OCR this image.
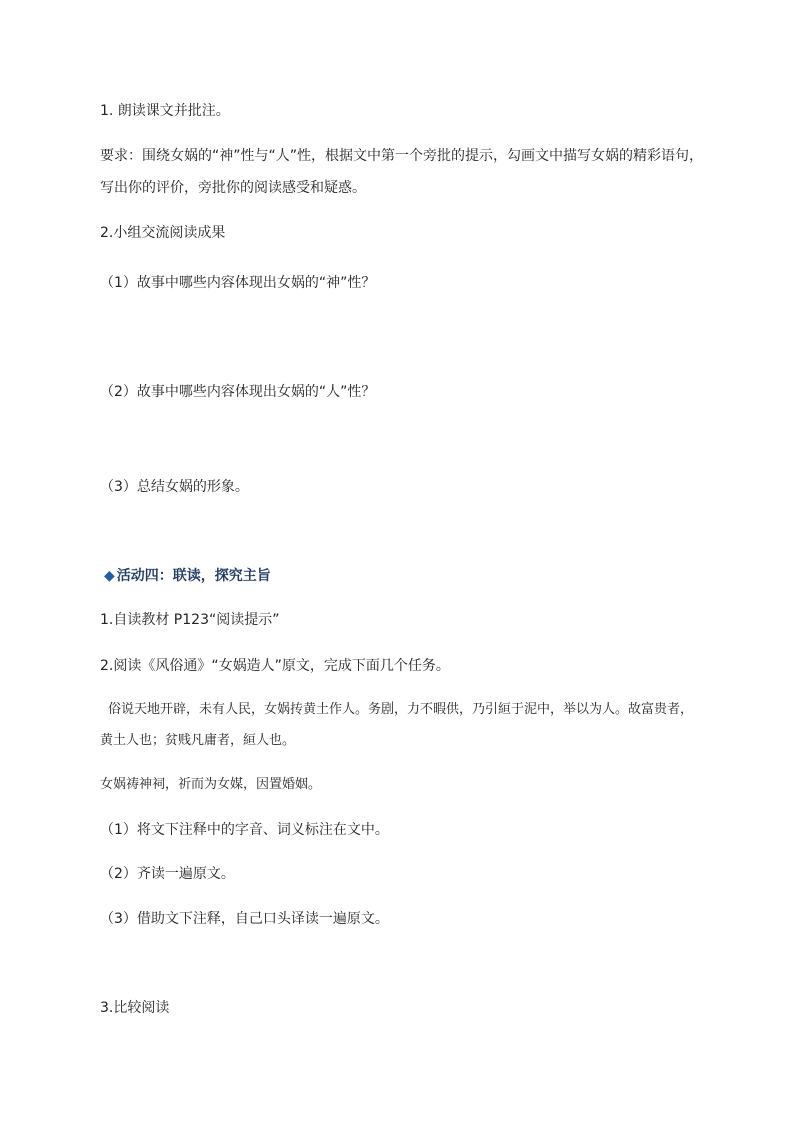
1. 朗读课文并批注。
要求：围绕女娲的“神”性与“人”性，根据文中第一个旁批的提示，勾画文中描写女娲的精彩语句，
写出你的评价，旁批你的阅读感受和疑惑。
2.小组交流阅读成果
（1）故事中哪些内容体现出女娲的“神”性？
（2）故事中哪些内容体现出女娲的“人”性？
（3）总结女娲的形象。
◆ 活动四：联读，探究主旨
1.自读教材 P123“阅读提示”
2.阅读《风俗通》“女娲造人”原文，完成下面几个任务。
俗说天地开辟，未有人民，女娲抟黄土作人。务剧，力不暇供，乃引絙于泥中，举以为人。故富贵者，
黄土人也；贫贱凡庸者，絙人也。
女娲祷神祠，祈而为女媒，因置婚姻。
（1）将文下注释中的字音、词义标注在文中。
（2）齐读一遍原文。
（3）借助文下注释，自己口头译读一遍原文。
3.比较阅读
